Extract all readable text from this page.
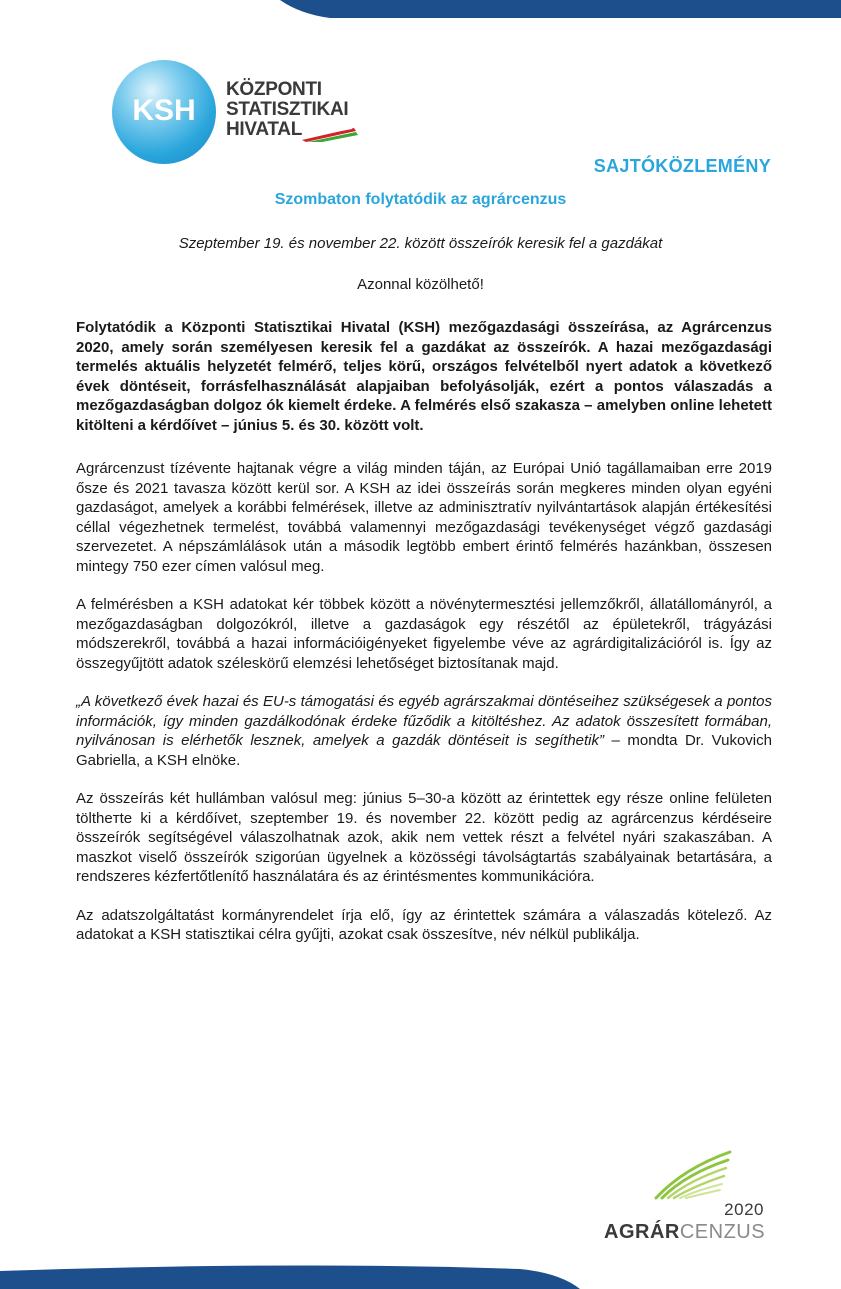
KSH

KÖZPONTI
STATISZTIKAI
HIVATAL

SAJTÓKÖZLEMÉNY

Szombaton folytatódik az agrárcenzus

Szeptember 19. és november 22. között összeírók keresik fel a gazdákat

Azonnal közölhető!

Folytatódik a Központi Statisztikai Hivatal (KSH) mezőgazdasági összeírása, az Agrárcenzus 2020, amely során személyesen keresik fel a gazdákat az összeírók. A hazai mezőgazdasági termelés aktuális helyzetét felmérő, teljes körű, országos felvételből nyert adatok a következő évek döntéseit, forrásfelhasználását alapjaiban befolyásolják, ezért a pontos válaszadás a mezőgazdaságban dolgoz ók kiemelt érdeke. A felmérés első szakasza – amelyben online lehetett kitölteni a kérdőívet – június 5. és 30. között volt.

Agrárcenzust tízévente hajtanak végre a világ minden táján, az Európai Unió tagállamaiban erre 2019 ősze és 2021 tavasza között kerül sor. A KSH az idei összeírás során megkeres minden olyan egyéni gazdaságot, amelyek a korábbi felmérések, illetve az adminisztratív nyilvántartások alapján értékesítési céllal végezhetnek termelést, továbbá valamennyi mezőgazdasági tevékenységet végző gazdasági szervezetet. A népszámlálások után a második legtöbb embert érintő felmérés hazánkban, összesen mintegy 750 ezer címen valósul meg.

A felmérésben a KSH adatokat kér többek között a növénytermesztési jellemzőkről, állatállományról, a mezőgazdaságban dolgozókról, illetve a gazdaságok egy részétől az épületekről, trágyázási módszerekről, továbbá a hazai információigényeket figyelembe véve az agrárdigitalizációról is. Így az összegyűjtött adatok széleskörű elemzési lehetőséget biztosítanak majd.

„A következő évek hazai és EU-s támogatási és egyéb agrárszakmai döntéseihez szükségesek a pontos információk, így minden gazdálkodónak érdeke fűződik a kitöltéshez. Az adatok összesített formában, nyilvánosan is elérhetők lesznek, amelyek a gazdák döntéseit is segíthetik” – mondta Dr. Vukovich Gabriella, a KSH elnöke.

Az összeírás két hullámban valósul meg: június 5–30-a között az érintettek egy része online felületen töltheтte ki a kérdőívet, szeptember 19. és november 22. között pedig az agrárcenzus kérdéseire összeírók segítségével válaszolhatnak azok, akik nem vettek részt a felvétel nyári szakaszában. A maszkot viselő összeírók szigorúan ügyelnek a közösségi távolságtartás szabályainak betartására, a rendszeres kézfertőtlenítő használatára és az érintésmentes kommunikációra.

Az adatszolgáltatást kormányrendelet írja elő, így az érintettek számára a válaszadás kötelező. Az adatokat a KSH statisztikai célra gyűjti, azokat csak összesítve, név nélkül publikálja.

2020

AGRÁRCENZUS
